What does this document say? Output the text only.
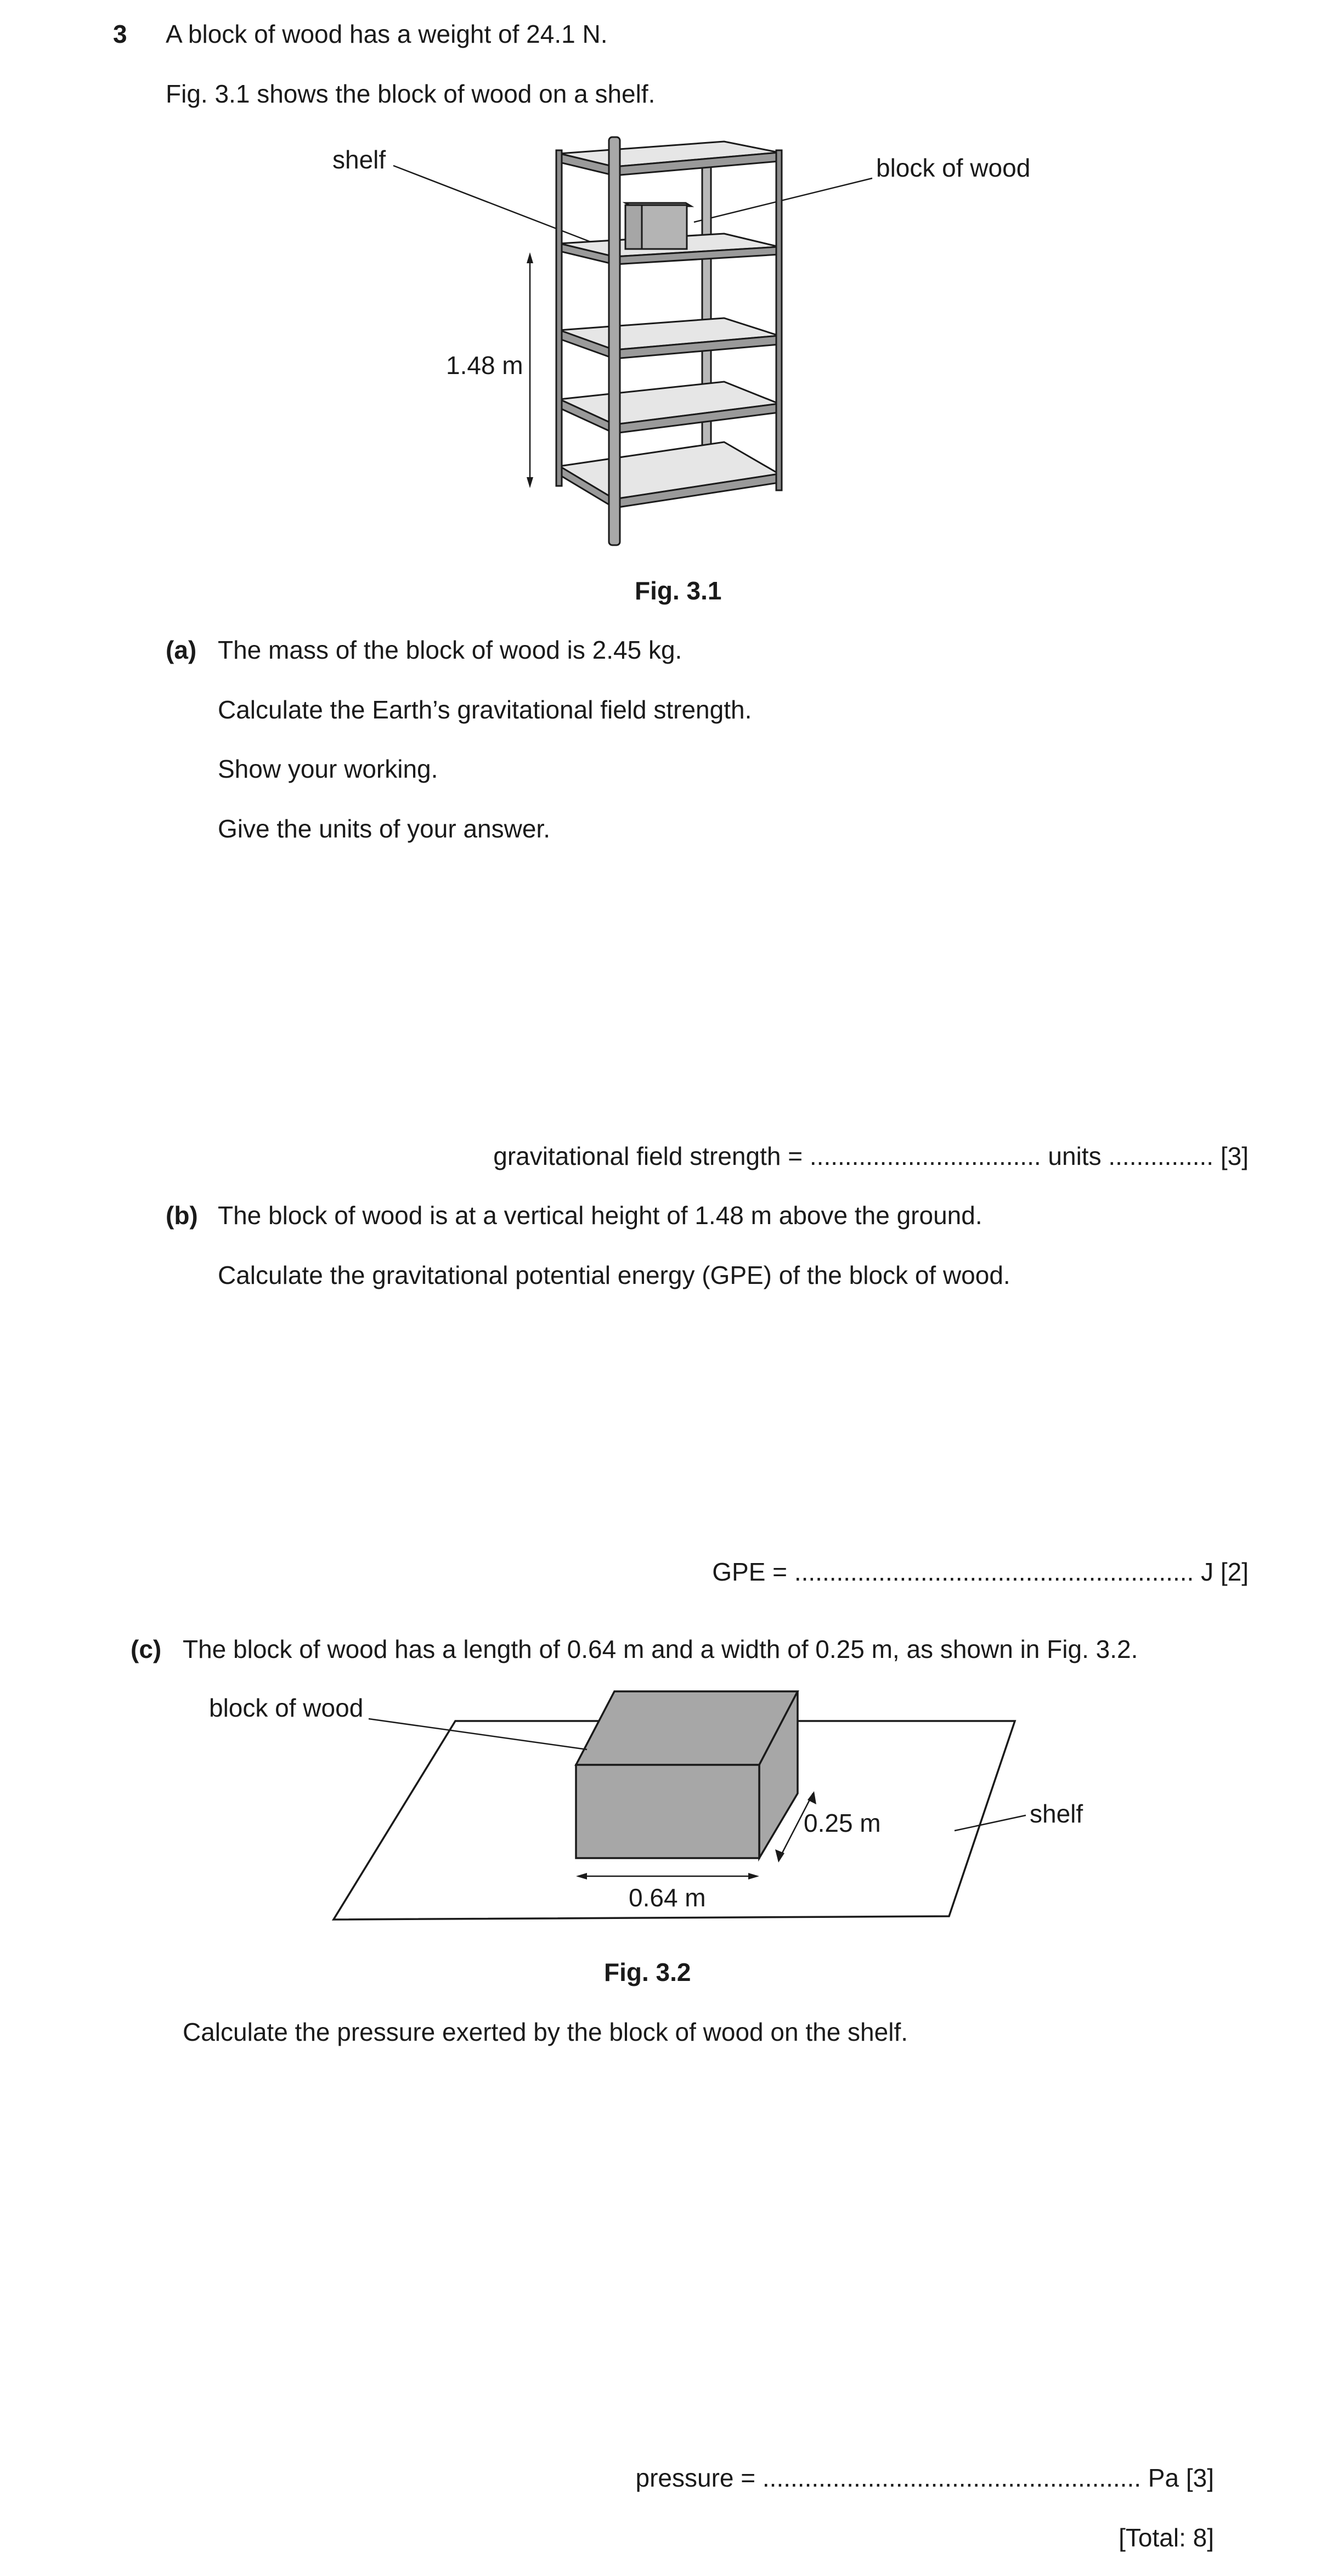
3 A block of wood has a weight of 24.1 N.
Fig. 3.1 shows the block of wood on a shelf.
shelf	block of wood
1.48 m
Fig. 3.1
(a) The mass of the block of wood is 2.45 kg.
Calculate the Earth’s gravitational field strength.
Show your working.
Give the units of your answer.
gravitational field strength = ................................. units ............... [3]
(b) The block of wood is at a vertical height of 1.48 m above the ground.
Calculate the gravitational potential energy (GPE) of the block of wood.
GPE = ......................................................... J [2]
(c) The block of wood has a length of 0.64 m and a width of 0.25 m, as shown in Fig. 3.2.
block of wood
shelf
0.25 m
0.64 m
Fig. 3.2
Calculate the pressure exerted by the block of wood on the shelf.
pressure = ...................................................... Pa [3]
[Total: 8]
